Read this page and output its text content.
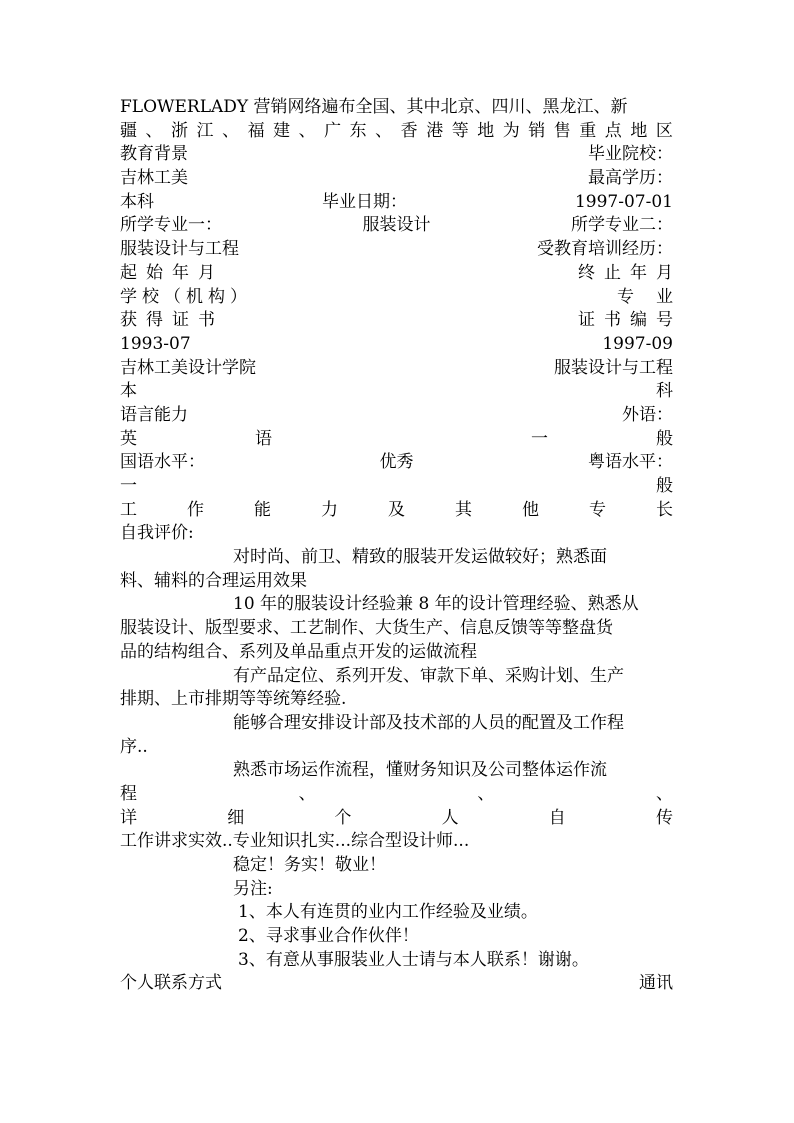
FLOWERLADY 营销网络遍布全国、其中北京、四川、黑龙江、新
疆 、 浙 江 、 福 建 、 广 东 、 香 港 等 地 为 销 售 重 点 地 区
教育背景	毕业院校：
吉林工美	最高学历：
本科	毕业日期：	1997-07-01
所学专业一：	服装设计	所学专业二：
服装设计与工程	受教育培训经历：
起 始 年 月	终 止 年 月
学 校 （ 机 构 ）	专 业
获 得 证 书	证 书 编 号
1993-07	1997-09
吉林工美设计学院	服装设计与工程
本	科
语言能力	外语：
英	语	一	般
国语水平：	优秀	粤语水平：
一	般
工	作	能	力	及	其	他	专	长
自我评价:
对时尚、前卫、精致的服装开发运做较好；熟悉面
料、辅料的合理运用效果
10 年的服装设计经验兼 8 年的设计管理经验、熟悉从
服装设计、版型要求、工艺制作、大货生产、信息反馈等等整盘货
品的结构组合、系列及单品重点开发的运做流程
有产品定位、系列开发、审款下单、采购计划、生产
排期、上市排期等等统筹经验.
能够合理安排设计部及技术部的人员的配置及工作程
序..
熟悉市场运作流程，懂财务知识及公司整体运作流
程	、	、	、
详	细	个	人	自	传
工作讲求实效..专业知识扎实...综合型设计师...
稳定！务实！敬业！
另注:
1、本人有连贯的业内工作经验及业绩。
2、寻求事业合作伙伴！
3、有意从事服装业人士请与本人联系！谢谢。
个人联系方式	通讯
